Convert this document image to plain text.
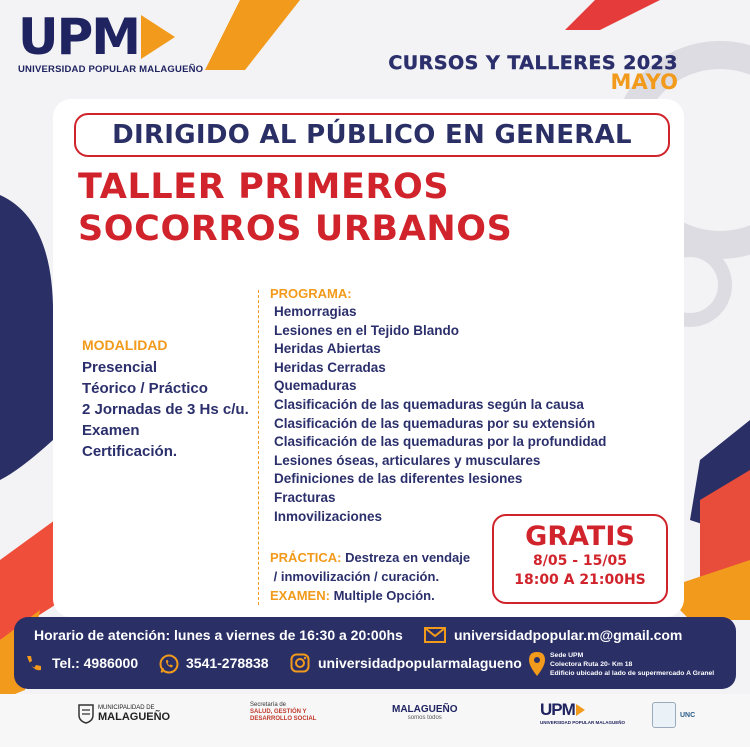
UPM
UNIVERSIDAD POPULAR MALAGUEÑO	CURSOS Y TALLERES 2023
MAYO
DIRIGIDO AL PÚBLICO EN GENERAL
TALLER PRIMEROS
SOCORROS URBANOS
MODALIDAD
Presencial
Téorico / Práctico
2 Jornadas de 3 Hs c/u.
Examen
Certificación.
PROGRAMA:
Hemorragias
Lesiones en el Tejido Blando
Heridas Abiertas
Heridas Cerradas
Quemaduras
Clasificación de las quemaduras según la causa
Clasificación de las quemaduras por su extensión
Clasificación de las quemaduras por la profundidad
Lesiones óseas, articulares y musculares
Definiciones de las diferentes lesiones
Fracturas
Inmovilizaciones
PRÁCTICA: Destreza en vendaje
/ inmovilización / curación.
EXAMEN: Multiple Opción.
GRATIS
8/05 - 15/05
18:00 A 21:00HS
Horario de atención: lunes a viernes de 16:30 a 20:00hs	universidadpopular.m@gmail.com
Tel.: 4986000	3541-278838	universidadpopularmalagueno	Sede UPM
Colectora Ruta 20- Km 18
Edificio ubicado al lado de supermercado A Granel
MUNICIPALIDAD DE
MALAGUEÑO
Secretaría de
SALUD, GESTIÓN Y
DESARROLLO SOCIAL
MALAGUEÑO
somos todos	UPM
UNIVERSIDAD POPULAR MALAGUEÑO
UNC
